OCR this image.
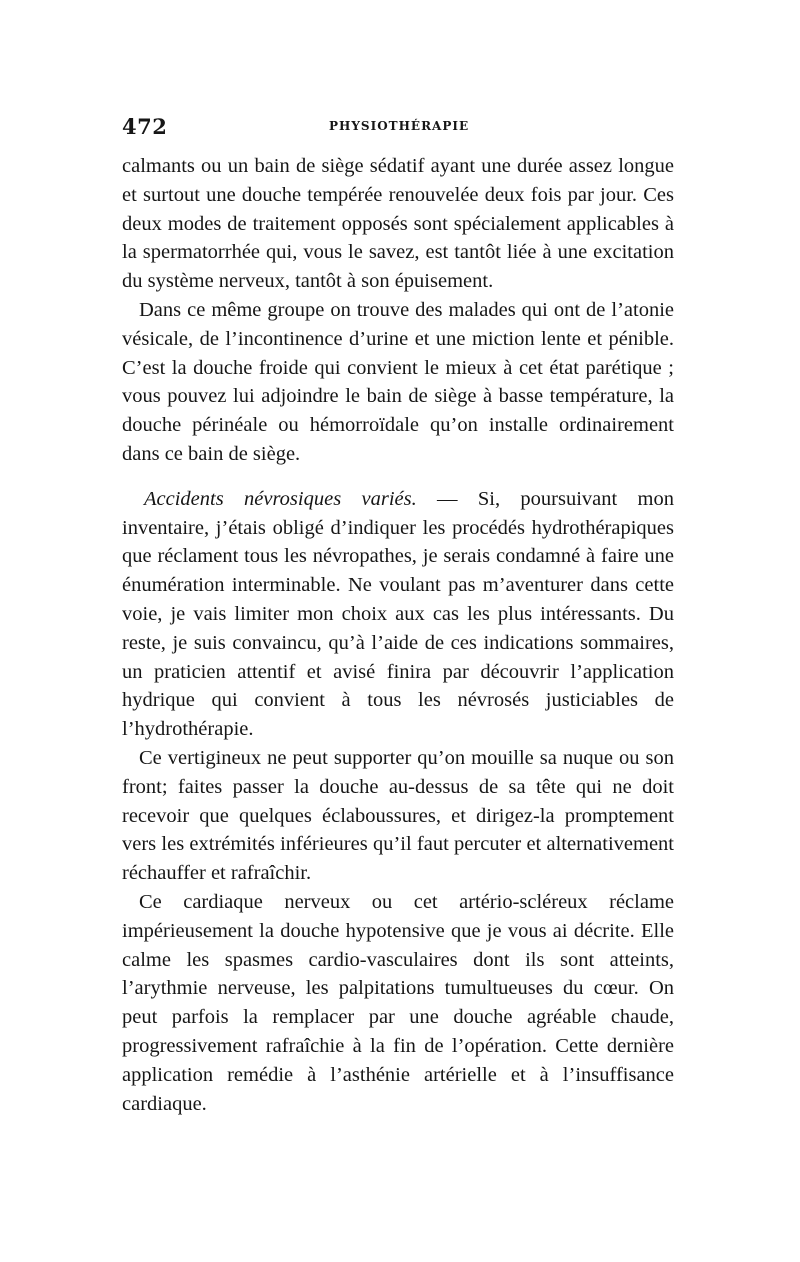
472	PHYSIOTHÉRAPIE

calmants ou un bain de siège sédatif ayant une durée assez longue et surtout une douche tempérée renouvelée deux fois par jour. Ces deux modes de traitement opposés sont spécialement applicables à la spermatorrhée qui, vous le savez, est tantôt liée à une excitation du système nerveux, tantôt à son épuisement.

Dans ce même groupe on trouve des malades qui ont de l’atonie vésicale, de l’incontinence d’urine et une miction lente et pénible. C’est la douche froide qui convient le mieux à cet état parétique ; vous pouvez lui adjoindre le bain de siège à basse température, la douche périnéale ou hémorroïdale qu’on installe ordinairement dans ce bain de siège.

Accidents névrosiques variés. — Si, poursuivant mon inventaire, j’étais obligé d’indiquer les procédés hydrothérapiques que réclament tous les névropathes, je serais condamné à faire une énumération interminable. Ne voulant pas m’aventurer dans cette voie, je vais limiter mon choix aux cas les plus intéressants. Du reste, je suis convaincu, qu’à l’aide de ces indications sommaires, un praticien attentif et avisé finira par découvrir l’application hydrique qui convient à tous les névrosés justiciables de l’hydrothérapie.

Ce vertigineux ne peut supporter qu’on mouille sa nuque ou son front; faites passer la douche au-dessus de sa tête qui ne doit recevoir que quelques éclaboussures, et dirigez-la promptement vers les extrémités inférieures qu’il faut percuter et alternativement réchauffer et rafraîchir.

Ce cardiaque nerveux ou cet artério-scléreux réclame impérieusement la douche hypotensive que je vous ai décrite. Elle calme les spasmes cardio-vasculaires dont ils sont atteints, l’arythmie nerveuse, les palpitations tumultueuses du cœur. On peut parfois la remplacer par une douche agréable chaude, progressivement rafraîchie à la fin de l’opération. Cette dernière application remédie à l’asthénie artérielle et à l’insuffisance cardiaque.
